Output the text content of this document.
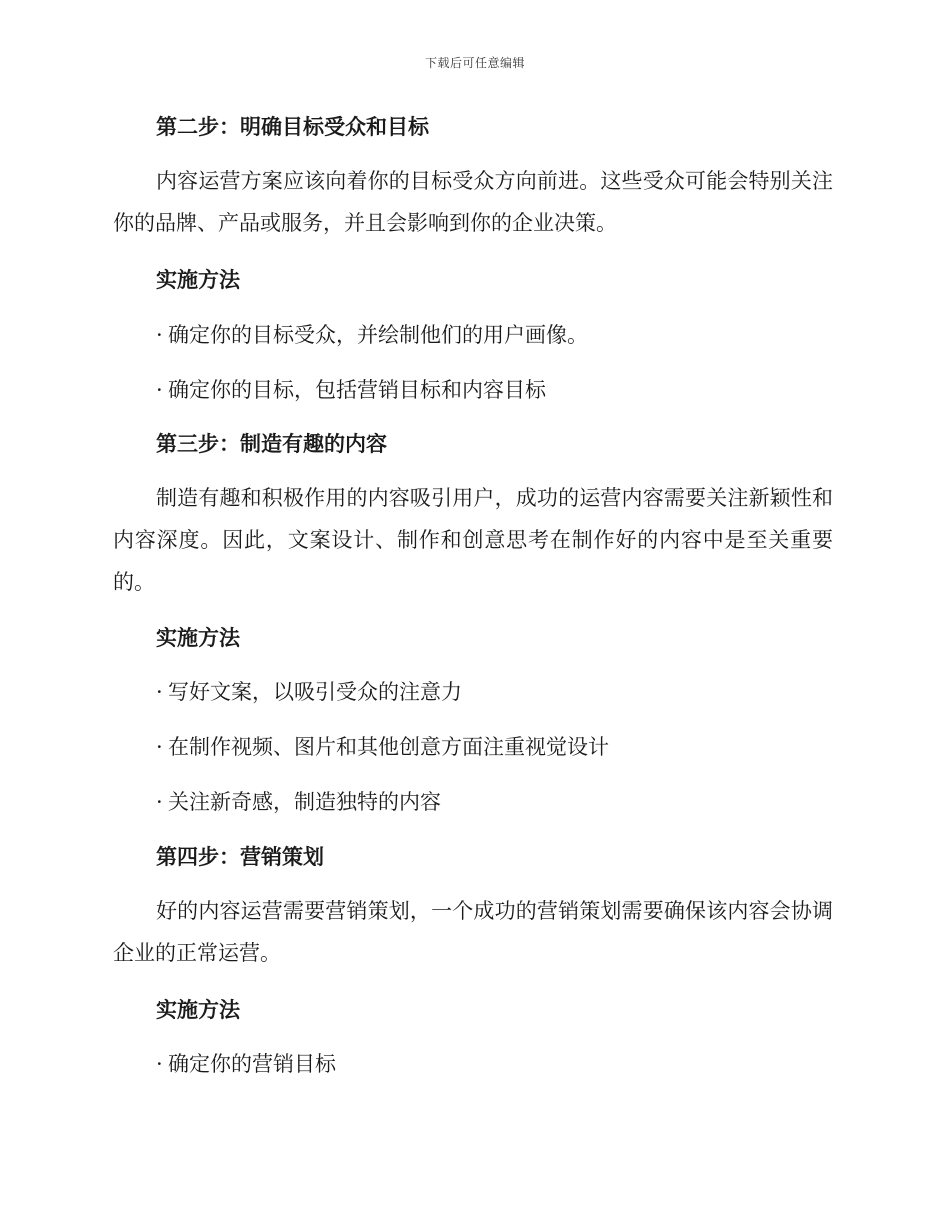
下载后可任意编辑
第二步：明确目标受众和目标
内容运营方案应该向着你的目标受众方向前进。这些受众可能会特别关注你的品牌、产品或服务，并且会影响到你的企业决策。
实施方法
· 确定你的目标受众，并绘制他们的用户画像。
· 确定你的目标，包括营销目标和内容目标
第三步：制造有趣的内容
制造有趣和积极作用的内容吸引用户，成功的运营内容需要关注新颖性和内容深度。因此，文案设计、制作和创意思考在制作好的内容中是至关重要的。
实施方法
· 写好文案，以吸引受众的注意力
· 在制作视频、图片和其他创意方面注重视觉设计
· 关注新奇感，制造独特的内容
第四步：营销策划
好的内容运营需要营销策划，一个成功的营销策划需要确保该内容会协调企业的正常运营。
实施方法
· 确定你的营销目标
